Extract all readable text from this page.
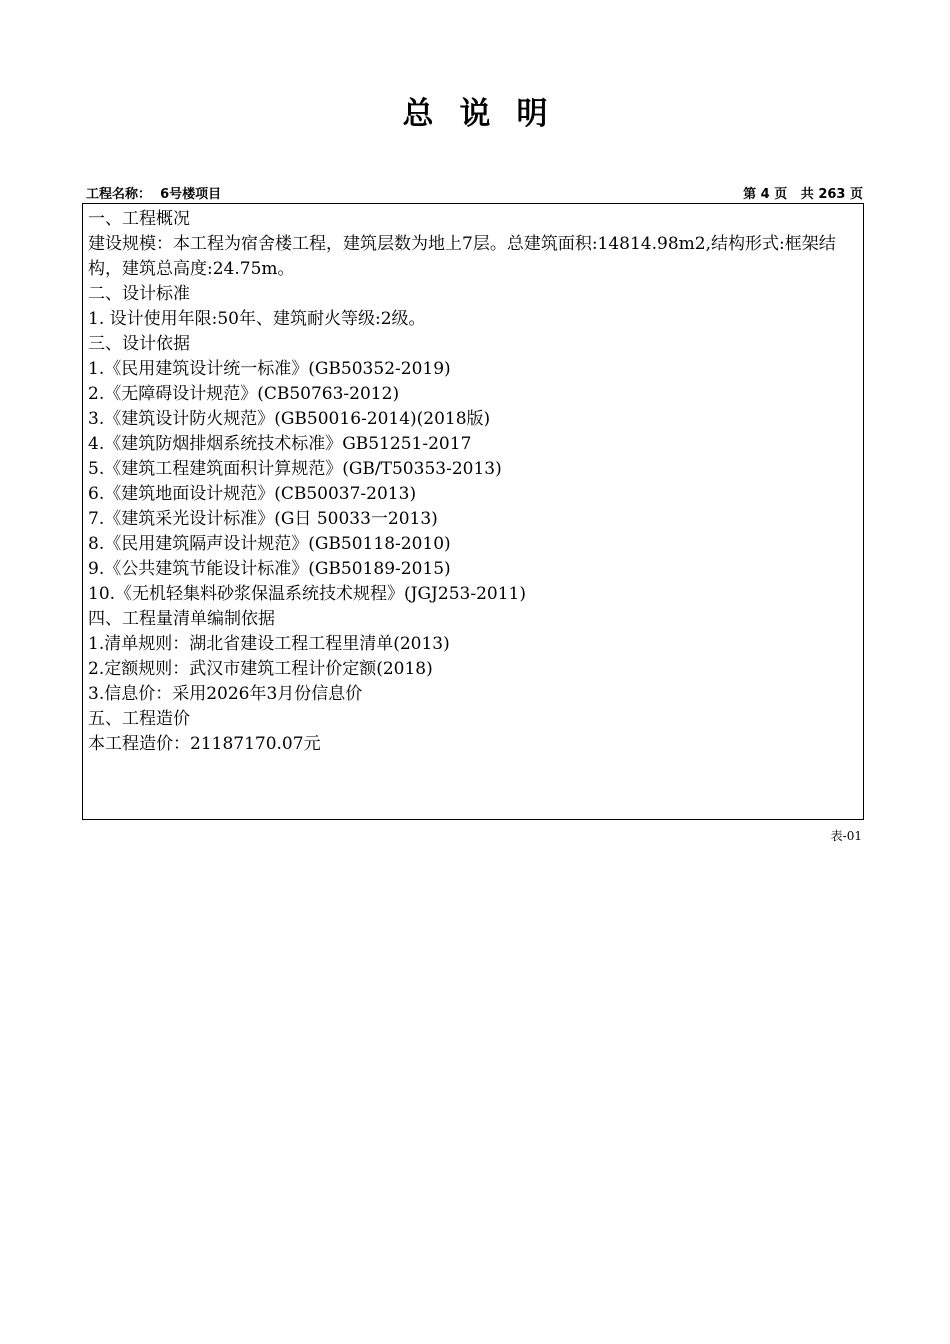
总说明
工程名称： 6号楼项目	第 4 页   共 263 页
一、工程概况
建设规模：本工程为宿舍楼工程，建筑层数为地上7层。总建筑面积:14814.98m2,结构形式:框架结构，建筑总高度:24.75m。
二、设计标准
1. 设计使用年限:50年、建筑耐火等级:2级。
三、设计依据
1.《民用建筑设计统一标准》(GB50352-2019)
2.《无障碍设计规范》(CB50763-2012)
3.《建筑设计防火规范》(GB50016-2014)(2018版)
4.《建筑防烟排烟系统技术标准》GB51251-2017
5.《建筑工程建筑面积计算规范》(GB/T50353-2013)
6.《建筑地面设计规范》(CB50037-2013)
7.《建筑采光设计标准》(G日 50033一2013)
8.《民用建筑隔声设计规范》(GB50118-2010)
9.《公共建筑节能设计标准》(GB50189-2015)
10.《无机轻集料砂浆保温系统技术规程》(JGJ253-2011)
四、工程量清单编制依据
1.清单规则：湖北省建设工程工程里清单(2013)
2.定额规则：武汉市建筑工程计价定额(2018)
3.信息价：采用2026年3月份信息价
五、工程造价
本工程造价：21187170.07元
表-01
